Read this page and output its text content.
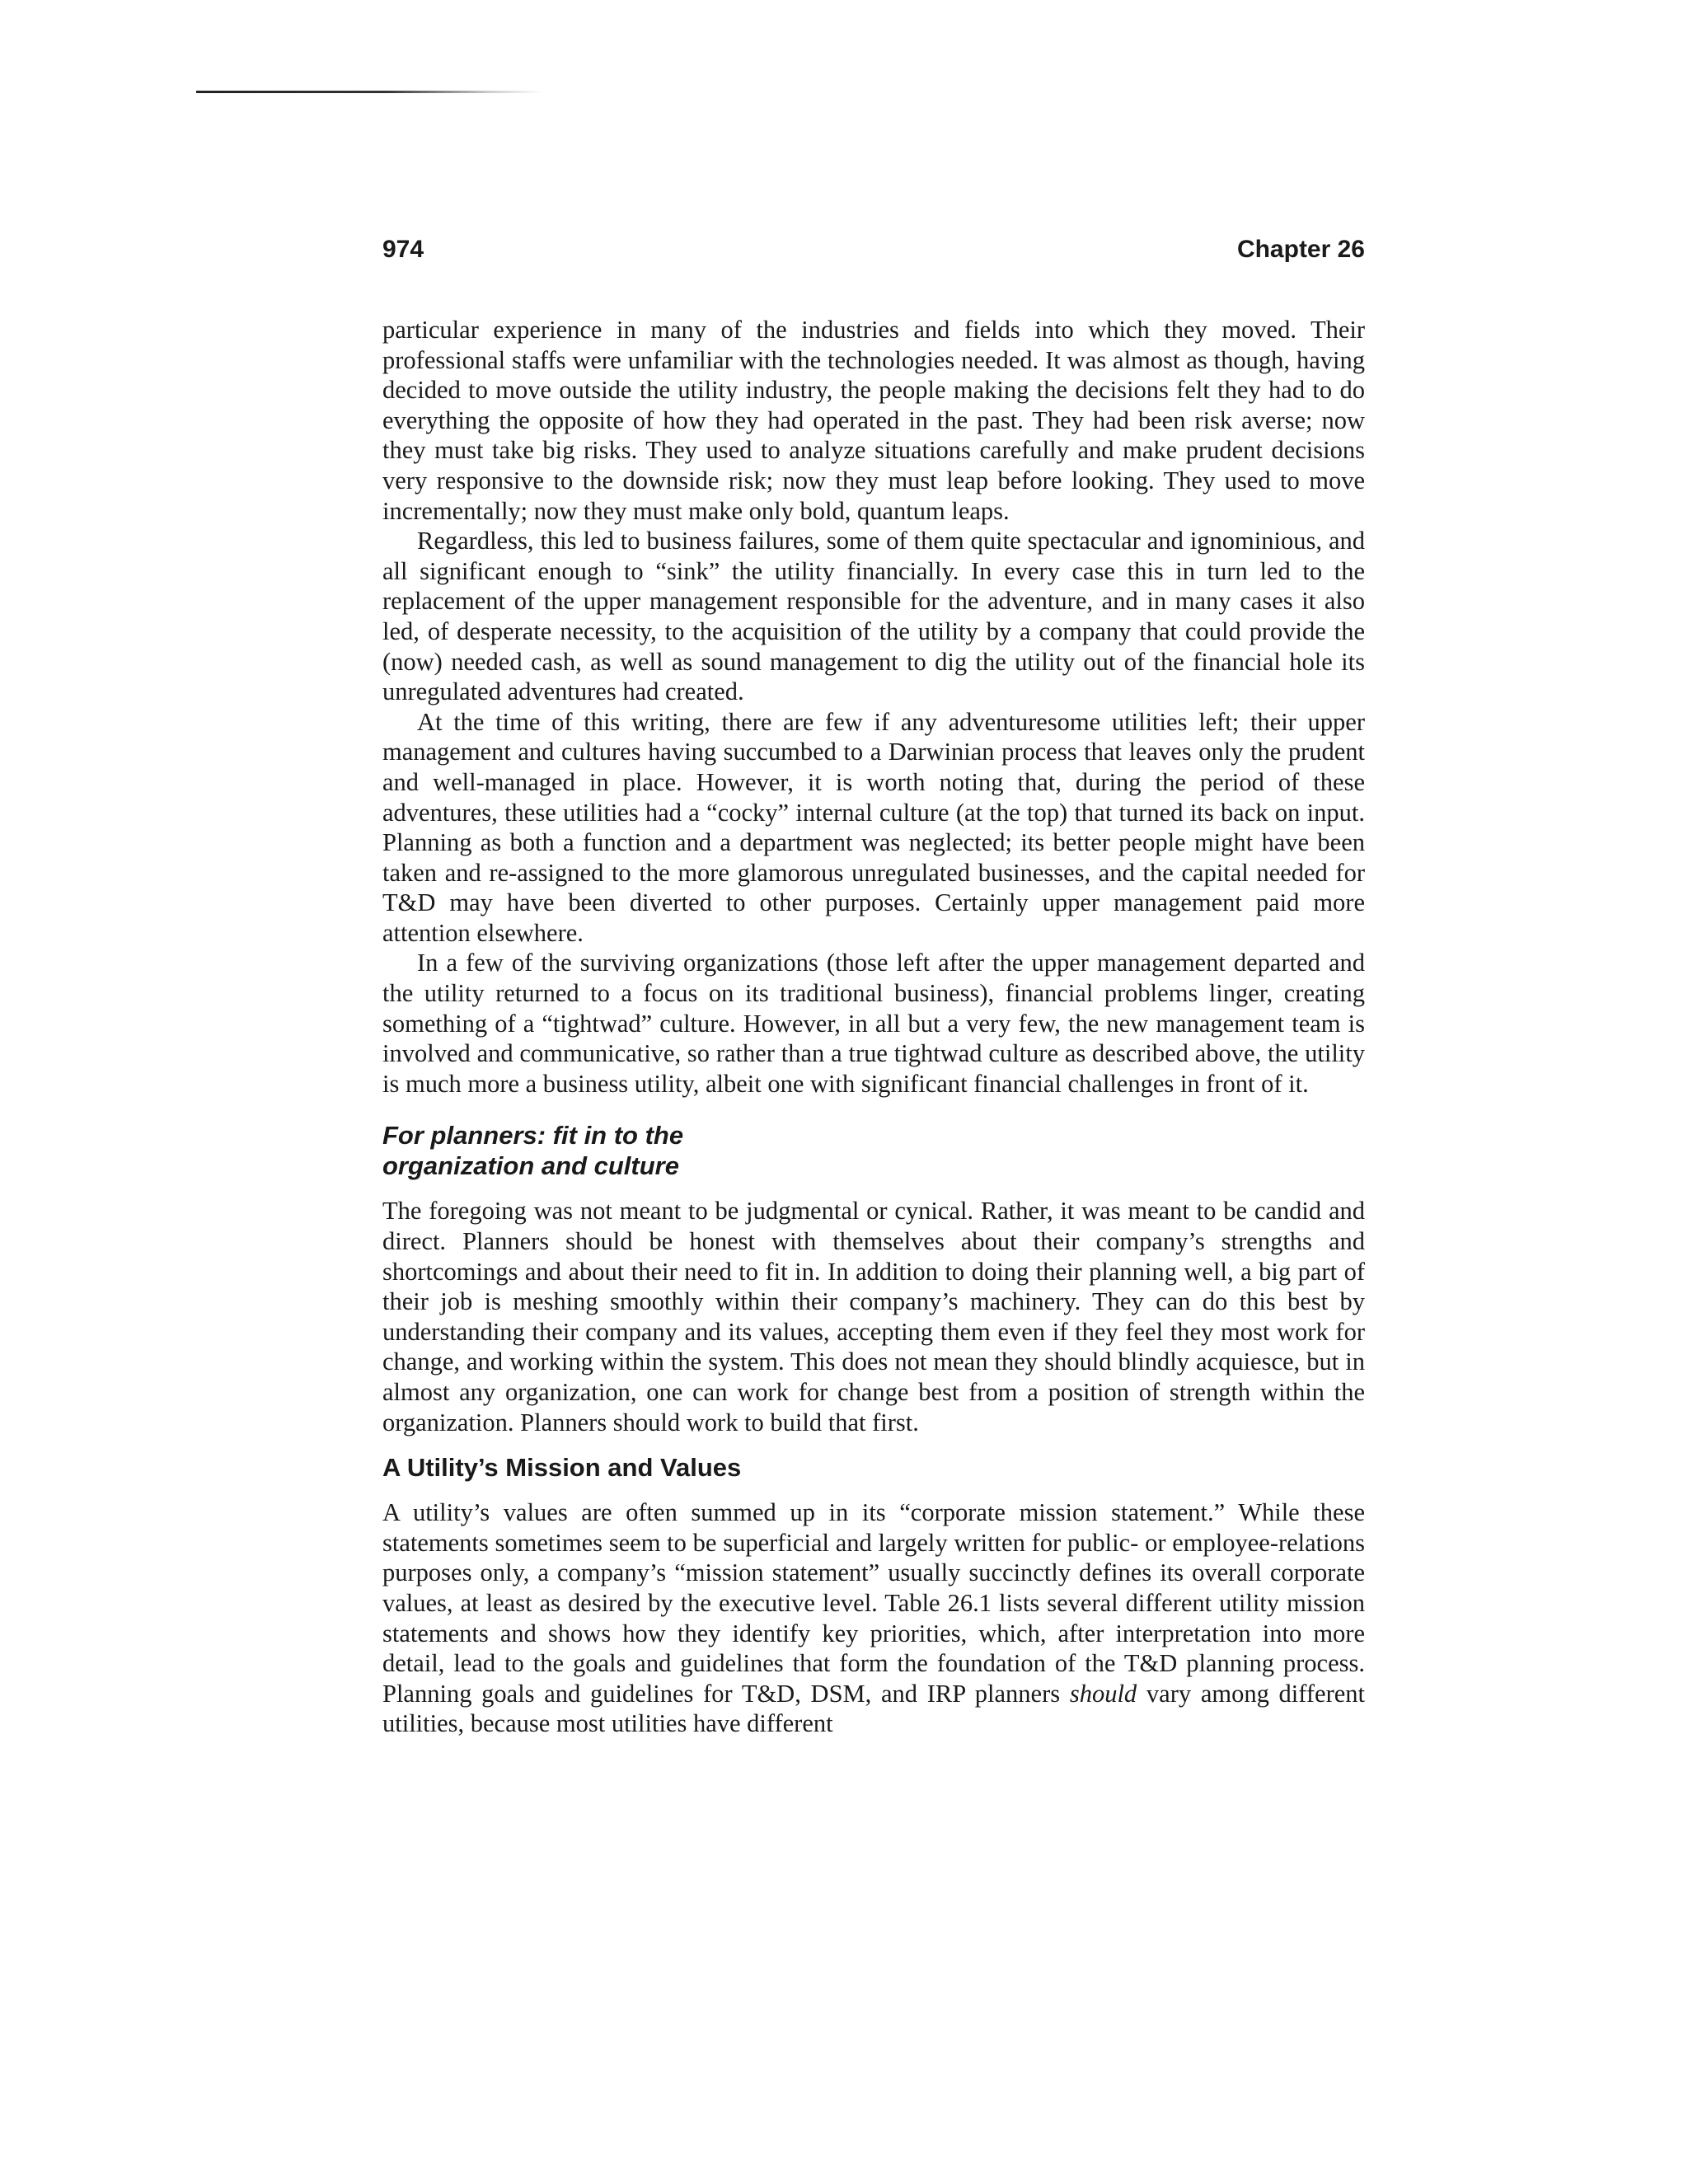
974	Chapter 26

particular experience in many of the industries and fields into which they moved. Their professional staffs were unfamiliar with the technologies needed. It was almost as though, having decided to move outside the utility industry, the people making the decisions felt they had to do everything the opposite of how they had operated in the past. They had been risk averse; now they must take big risks. They used to analyze situations carefully and make prudent decisions very responsive to the downside risk; now they must leap before looking. They used to move incrementally; now they must make only bold, quantum leaps.

Regardless, this led to business failures, some of them quite spectacular and ignominious, and all significant enough to “sink” the utility financially. In every case this in turn led to the replacement of the upper management responsible for the adventure, and in many cases it also led, of desperate necessity, to the acquisition of the utility by a company that could provide the (now) needed cash, as well as sound management to dig the utility out of the financial hole its unregulated adventures had created.

At the time of this writing, there are few if any adventuresome utilities left; their upper management and cultures having succumbed to a Darwinian process that leaves only the prudent and well-managed in place. However, it is worth noting that, during the period of these adventures, these utilities had a “cocky” internal culture (at the top) that turned its back on input. Planning as both a function and a department was neglected; its better people might have been taken and re-assigned to the more glamorous unregulated businesses, and the capital needed for T&D may have been diverted to other purposes. Certainly upper management paid more attention elsewhere.

In a few of the surviving organizations (those left after the upper management departed and the utility returned to a focus on its traditional business), financial problems linger, creating something of a “tightwad” culture. However, in all but a very few, the new management team is involved and communicative, so rather than a true tightwad culture as described above, the utility is much more a business utility, albeit one with significant financial challenges in front of it.

For planners: fit in to the
organization and culture

The foregoing was not meant to be judgmental or cynical. Rather, it was meant to be candid and direct. Planners should be honest with themselves about their company’s strengths and shortcomings and about their need to fit in. In addition to doing their planning well, a big part of their job is meshing smoothly within their company’s machinery. They can do this best by understanding their company and its values, accepting them even if they feel they most work for change, and working within the system. This does not mean they should blindly acquiesce, but in almost any organization, one can work for change best from a position of strength within the organization. Planners should work to build that first.

A Utility’s Mission and Values

A utility’s values are often summed up in its “corporate mission statement.” While these statements sometimes seem to be superficial and largely written for public- or employee-relations purposes only, a company’s “mission statement” usually succinctly defines its overall corporate values, at least as desired by the executive level. Table 26.1 lists several different utility mission statements and shows how they identify key priorities, which, after interpretation into more detail, lead to the goals and guidelines that form the foundation of the T&D planning process. Planning goals and guidelines for T&D, DSM, and IRP planners should vary among different utilities, because most utilities have different
